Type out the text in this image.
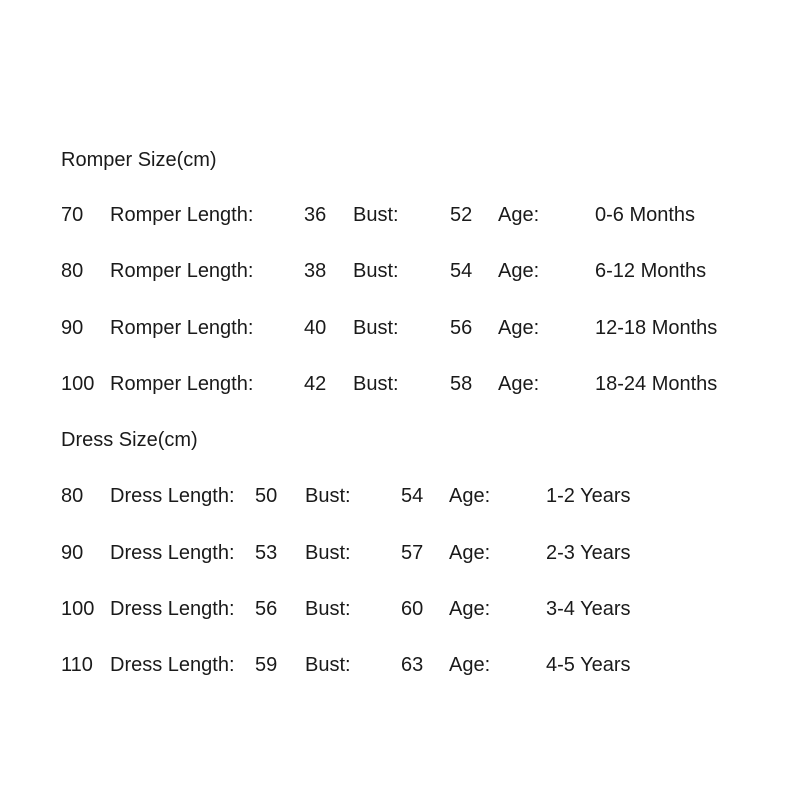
Romper Size(cm)
70 Romper Length:	36 Bust:	52 Age:	0-6 Months
80 Romper Length:	38 Bust:	54 Age:	6-12 Months
90 Romper Length:	40 Bust:	56 Age:	12-18 Months
100 Romper Length:	42 Bust:	58 Age:	18-24 Months
Dress Size(cm)
80 Dress Length: 50 Bust:	54 Age:	1-2 Years
90 Dress Length: 53 Bust:	57 Age:	2-3 Years
100 Dress Length: 56 Bust:	60 Age:	3-4 Years
110 Dress Length: 59 Bust:	63 Age:	4-5 Years
